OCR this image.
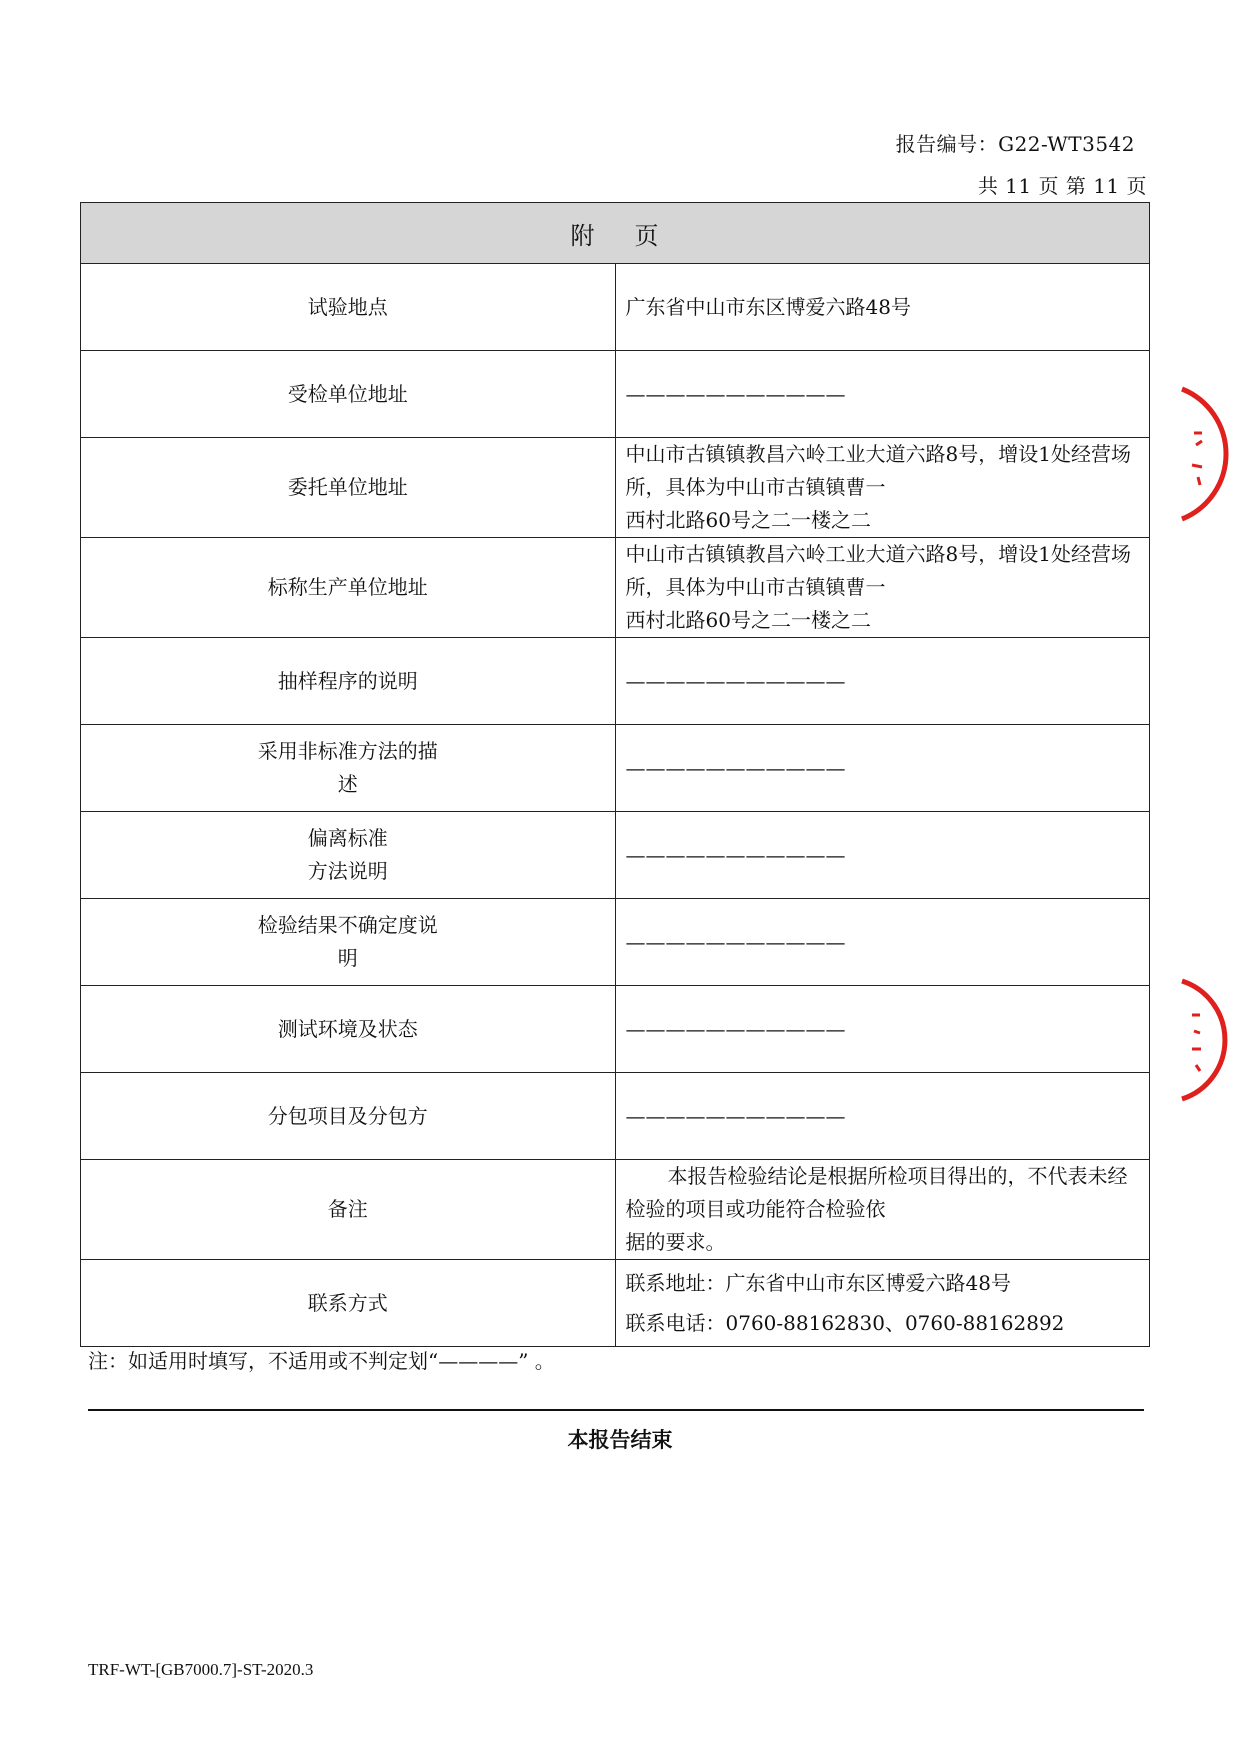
报告编号：G22-WT3542
共 11 页 第 11 页
附页	
试验地点	广东省中山市东区博爱六路48号
受检单位地址	———————————
委托单位地址	中山市古镇镇教昌六岭工业大道六路8号，增设1处经营场所，具体为中山市古镇镇曹一
西村北路60号之二一楼之二

标称生产单位地址	中山市古镇镇教昌六岭工业大道六路8号，增设1处经营场所，具体为中山市古镇镇曹一
西村北路60号之二一楼之二

抽样程序的说明	———————————

采用非标准方法的描
述	———————————

偏离标准
方法说明	———————————

检验结果不确定度说
明	———————————
测试环境及状态	———————————
分包项目及分包方	———————————
备注	本报告检验结论是根据所检项目得出的，不代表未经检验的项目或功能符合检验依
据的要求。

联系方式	联系地址：广东省中山市东区博爱六路48号
联系电话：0760-88162830、0760-88162892
注：如适用时填写，不适用或不判定划“————” 。
本报告结束
TRF-WT-[GB7000.7]-ST-2020.3
